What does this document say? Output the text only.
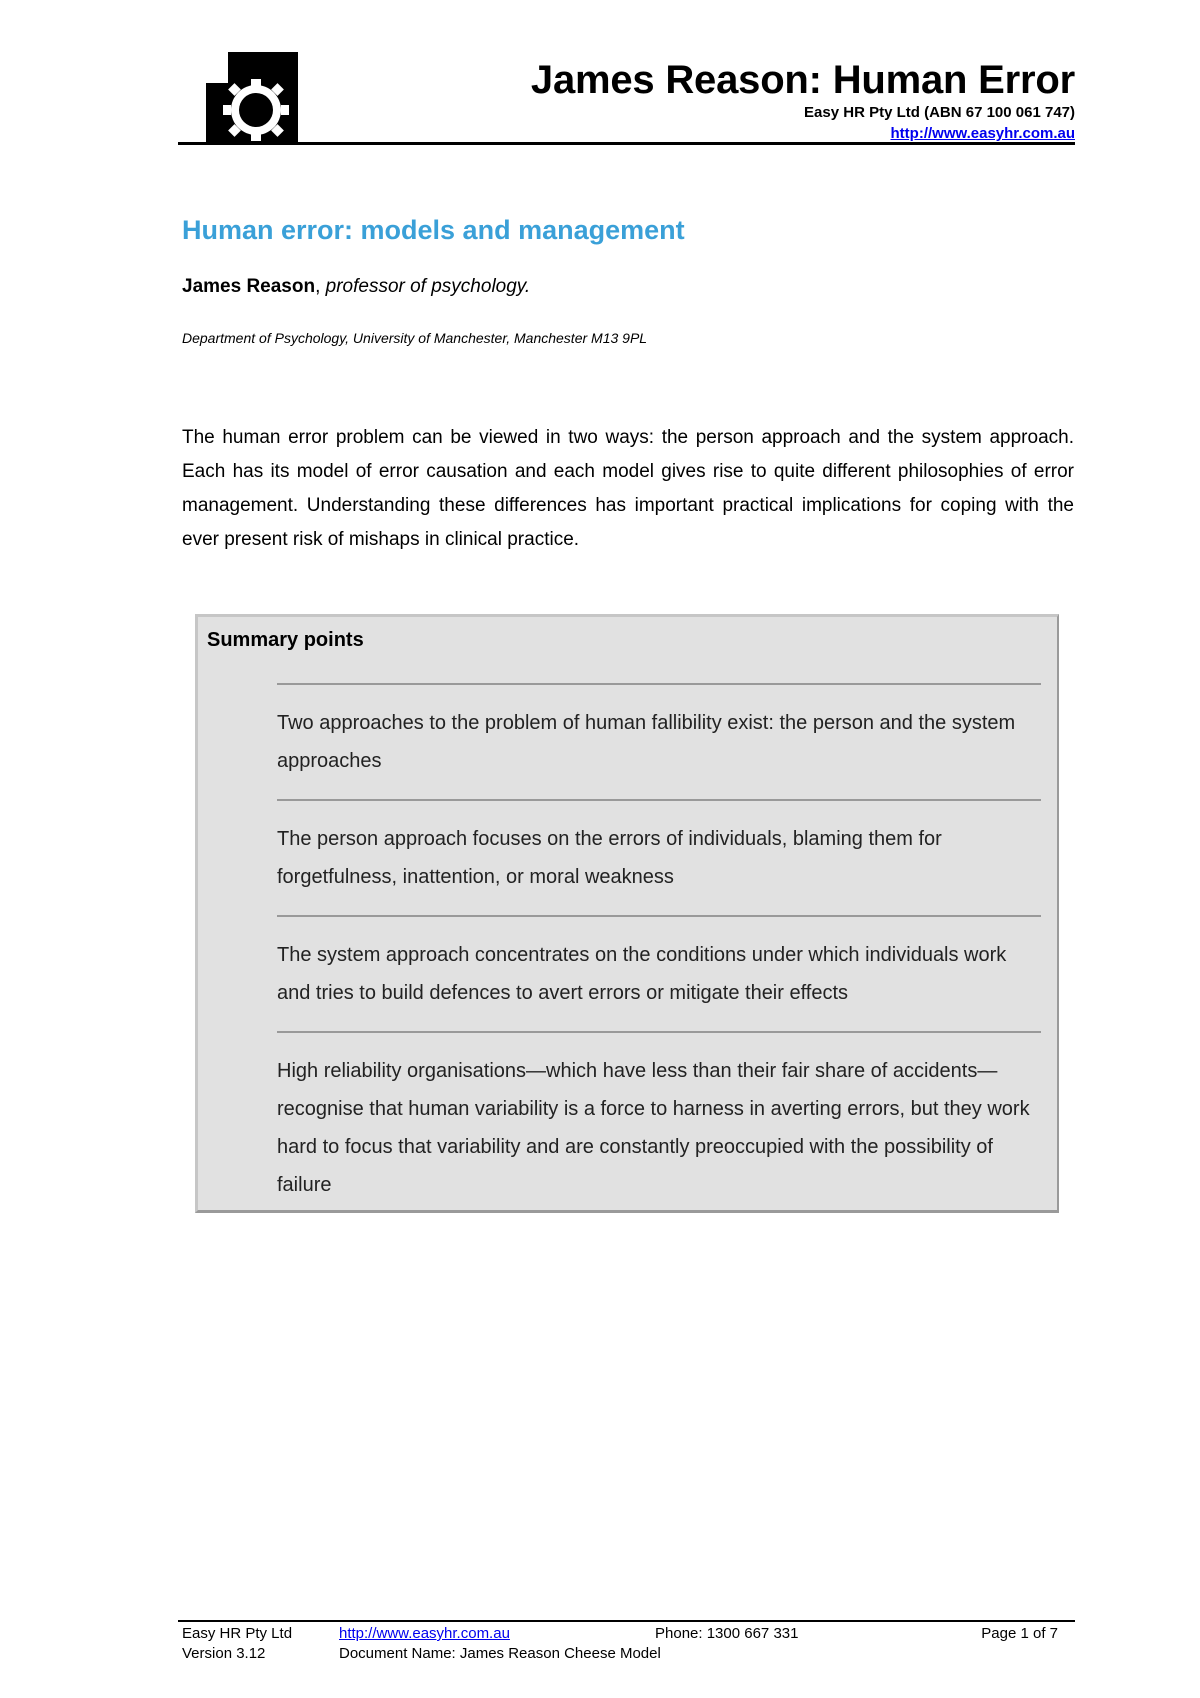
James Reason: Human Error
Easy HR Pty Ltd (ABN 67 100 061 747)
http://www.easyhr.com.au
Human error: models and management
James Reason, professor of psychology.
Department of Psychology, University of Manchester, Manchester M13 9PL

The human error problem can be viewed in two ways: the person approach and the system approach. Each has its model of error causation and each model gives rise to quite different philosophies of error management. Understanding these differences has important practical implications for coping with the ever present risk of mishaps in clinical practice.

Summary points
Two approaches to the problem of human fallibility exist: the person and the system approaches
The person approach focuses on the errors of individuals, blaming them for forgetfulness, inattention, or moral weakness
The system approach concentrates on the conditions under which individuals work and tries to build defences to avert errors or mitigate their effects
High reliability organisations—which have less than their fair share of accidents—recognise that human variability is a force to harness in averting errors, but they work hard to focus that variability and are constantly preoccupied with the possibility of failure
Easy HR Pty Ltd
Version 3.12
http://www.easyhr.com.au
Document Name: James Reason Cheese Model
Phone: 1300 667 331	Page 1 of 7
